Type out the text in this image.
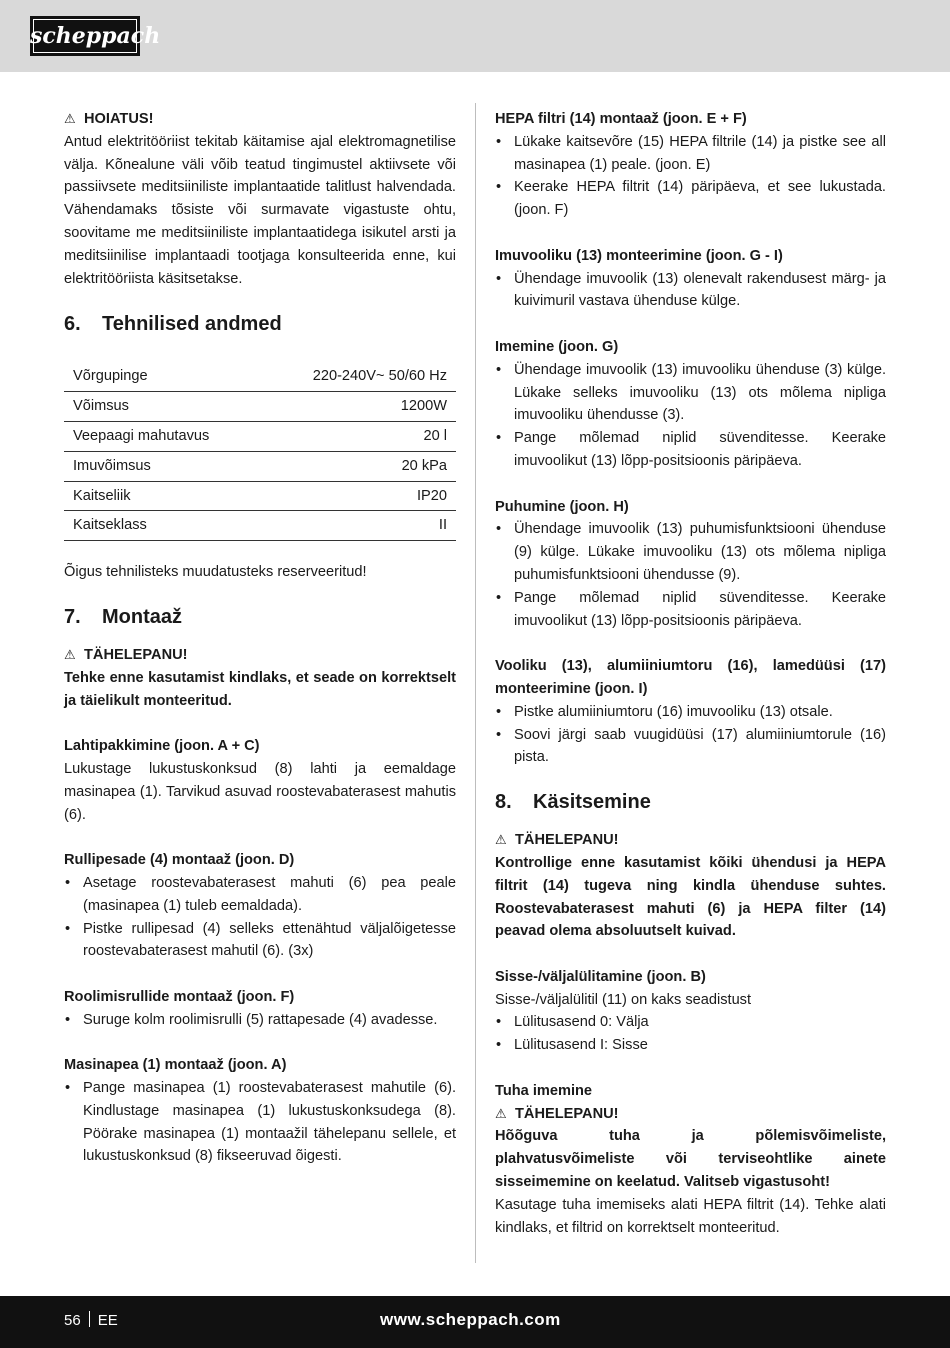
scheppach
⚠ HOIATUS!

Antud elektritööriist tekitab käitamise ajal elektromagnetilise välja. Kõnealune väli võib teatud tingimustel aktiivsete või passiivsete meditsiiniliste implantaatide talitlust halvendada. Vähendamaks tõsiste või surmavate vigastuste ohtu, soovitame me meditsiiniliste implantaatidega isikutel arsti ja meditsiinilise implantaadi tootjaga konsulteerida enne, kui elektritööriista käsitsetakse.

6.	Tehnilised andmed
Võrgupinge	220-240V~ 50/60 Hz
Võimsus	1200W
Veepaagi mahutavus	20 l
Imuvõimsus	20 kPa
Kaitseliik	IP20
Kaitseklass	II

Õigus tehnilisteks muudatusteks reserveeritud!

7.	Montaaž
⚠ TÄHELEPANU!

Tehke enne kasutamist kindlaks, et seade on korrektselt ja täielikult monteeritud.

Lahtipakkimine (joon. A + C)

Lukustage lukustuskonksud (8) lahti ja eemaldage masinapea (1). Tarvikud asuvad roostevabaterasest mahutis (6).

Rullipesade (4) montaaž (joon. D)

• Asetage roostevabaterasest mahuti (6) pea peale (masinapea (1) tuleb eemaldada).
• Pistke rullipesad (4) selleks ettenähtud väljalõigetesse roostevabaterasest mahutil (6). (3x)

Roolimisrullide montaaž (joon. F)

• Suruge kolm roolimisrulli (5) rattapesade (4) avadesse.

Masinapea (1) montaaž (joon. A)

• Pange masinapea (1) roostevabaterasest mahutile (6). Kindlustage masinapea (1) lukustuskonksudega (8). Pöörake masinapea (1) montaažil tähelepanu sellele, et lukustuskonksud (8) fikseeruvad õigesti.

HEPA filtri (14) montaaž (joon. E + F)

• Lükake kaitsevõre (15) HEPA filtrile (14) ja pistke see all masinapea (1) peale. (joon. E)
• Keerake HEPA filtrit (14) päripäeva, et see lukustada. (joon. F)

Imuvooliku (13) monteerimine (joon. G - I)

• Ühendage imuvoolik (13) olenevalt rakendusest märg- ja kuivimuril vastava ühenduse külge.

Imemine (joon. G)

• Ühendage imuvoolik (13) imuvooliku ühenduse (3) külge. Lükake selleks imuvooliku (13) ots mõlema nipliga imuvooliku ühendusse (3).
• Pange mõlemad niplid süvenditesse. Keerake imuvoolikut (13) lõpp-positsioonis päripäeva.

Puhumine (joon. H)

• Ühendage imuvoolik (13) puhumisfunktsiooni ühenduse (9) külge. Lükake imuvooliku (13) ots mõlema nipliga puhumisfunktsiooni ühendusse (9).
• Pange mõlemad niplid süvenditesse. Keerake imuvoolikut (13) lõpp-positsioonis päripäeva.

Vooliku (13), alumiiniumtoru (16), lamedüüsi (17) monteerimine (joon. I)

• Pistke alumiiniumtoru (16) imuvooliku (13) otsale.
• Soovi järgi saab vuugidüüsi (17) alumiiniumtorule (16) pista.
8.	Käsitsemine
⚠ TÄHELEPANU!

Kontrollige enne kasutamist kõiki ühendusi ja HEPA filtrit (14) tugeva ning kindla ühenduse suhtes. Roostevabaterasest mahuti (6) ja HEPA filter (14) peavad olema absoluutselt kuivad.

Sisse-/väljalülitamine (joon. B)

Sisse-/väljalülitil (11) on kaks seadistust

• Lülitusasend 0: Välja
• Lülitusasend I: Sisse

Tuha imemine

⚠ TÄHELEPANU!

Hõõguva tuha ja põlemisvõimeliste, plahvatusvõimeliste või terviseohtlike ainete sisseimemine on keelatud. Valitseb vigastusoht!

Kasutage tuha imemiseks alati HEPA filtrit (14). Tehke alati kindlaks, et filtrid on korrektselt monteeritud.

56 EE	www.scheppach.com
